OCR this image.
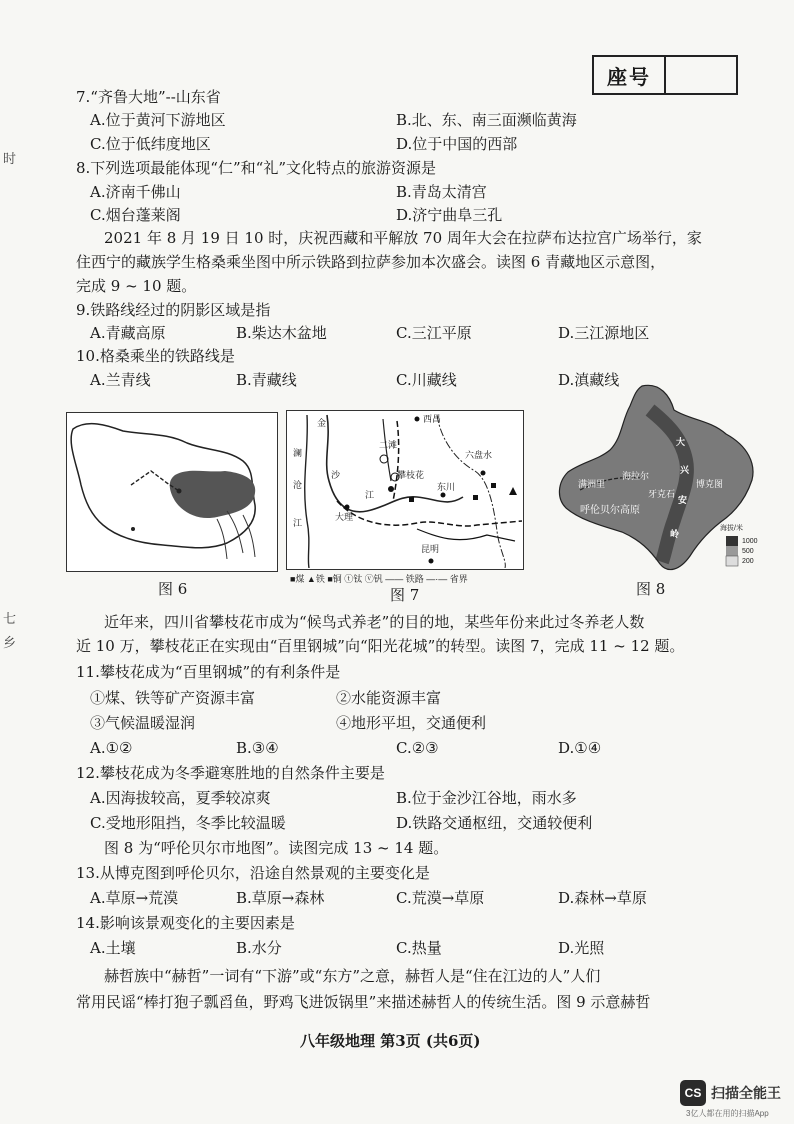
座号
时
七
乡
7.“齐鲁大地”--山东省
A.位于黄河下游地区	B.北、东、南三面濒临黄海
C.位于低纬度地区	D.位于中国的西部
8.下列选项最能体现“仁”和“礼”文化特点的旅游资源是
A.济南千佛山	B.青岛太清宫
C.烟台蓬莱阁	D.济宁曲阜三孔
2021 年 8 月 19 日 10 时，庆祝西藏和平解放 70 周年大会在拉萨布达拉宫广场举行，家
住西宁的藏族学生格桑乘坐图中所示铁路到拉萨参加本次盛会。读图 6 青藏地区示意图，
完成 9 ~ 10 题。
9.铁路线经过的阴影区域是指
A.青藏高原	B.柴达木盆地	C.三江平原	D.三江源地区
10.格桑乘坐的铁路线是
A.兰青线	B.青藏线	C.川藏线	D.滇藏线
图 6
金
沙
江
澜
沧
江
西昌
二滩
攀枝花
六盘水
东川
大理
昆明
■煤 ▲铁 ■铜 ⓣ钛 ⓥ钒 —— 铁路 —·— 省界
图 7
大
兴
安
岭
博克图
海拉尔
满洲里
牙克石
呼伦贝尔高原
海拔/米
1000
500
200
图 8
近年来，四川省攀枝花市成为“候鸟式养老”的目的地，某些年份来此过冬养老人数
近 10 万，攀枝花正在实现由“百里钢城”向“阳光花城”的转型。读图 7，完成 11 ~ 12 题。
11.攀枝花成为“百里钢城”的有利条件是
①煤、铁等矿产资源丰富	②水能资源丰富
③气候温暖湿润	④地形平坦，交通便利
A.①②	B.③④	C.②③	D.①④
12.攀枝花成为冬季避寒胜地的自然条件主要是
A.因海拔较高，夏季较凉爽	B.位于金沙江谷地，雨水多
C.受地形阻挡，冬季比较温暖	D.铁路交通枢纽，交通较便利
图 8 为“呼伦贝尔市地图”。读图完成 13 ~ 14 题。
13.从博克图到呼伦贝尔，沿途自然景观的主要变化是
A.草原→荒漠	B.草原→森林	C.荒漠→草原	D.森林→草原
14.影响该景观变化的主要因素是
A.土壤	B.水分	C.热量	D.光照
赫哲族中“赫哲”一词有“下游”或“东方”之意，赫哲人是“住在江边的人”人们
常用民谣“棒打狍子瓢舀鱼，野鸡飞进饭锅里”来描述赫哲人的传统生活。图 9 示意赫哲
八年级地理 第3页 (共6页)
CS 扫描全能王
3亿人都在用的扫描App
